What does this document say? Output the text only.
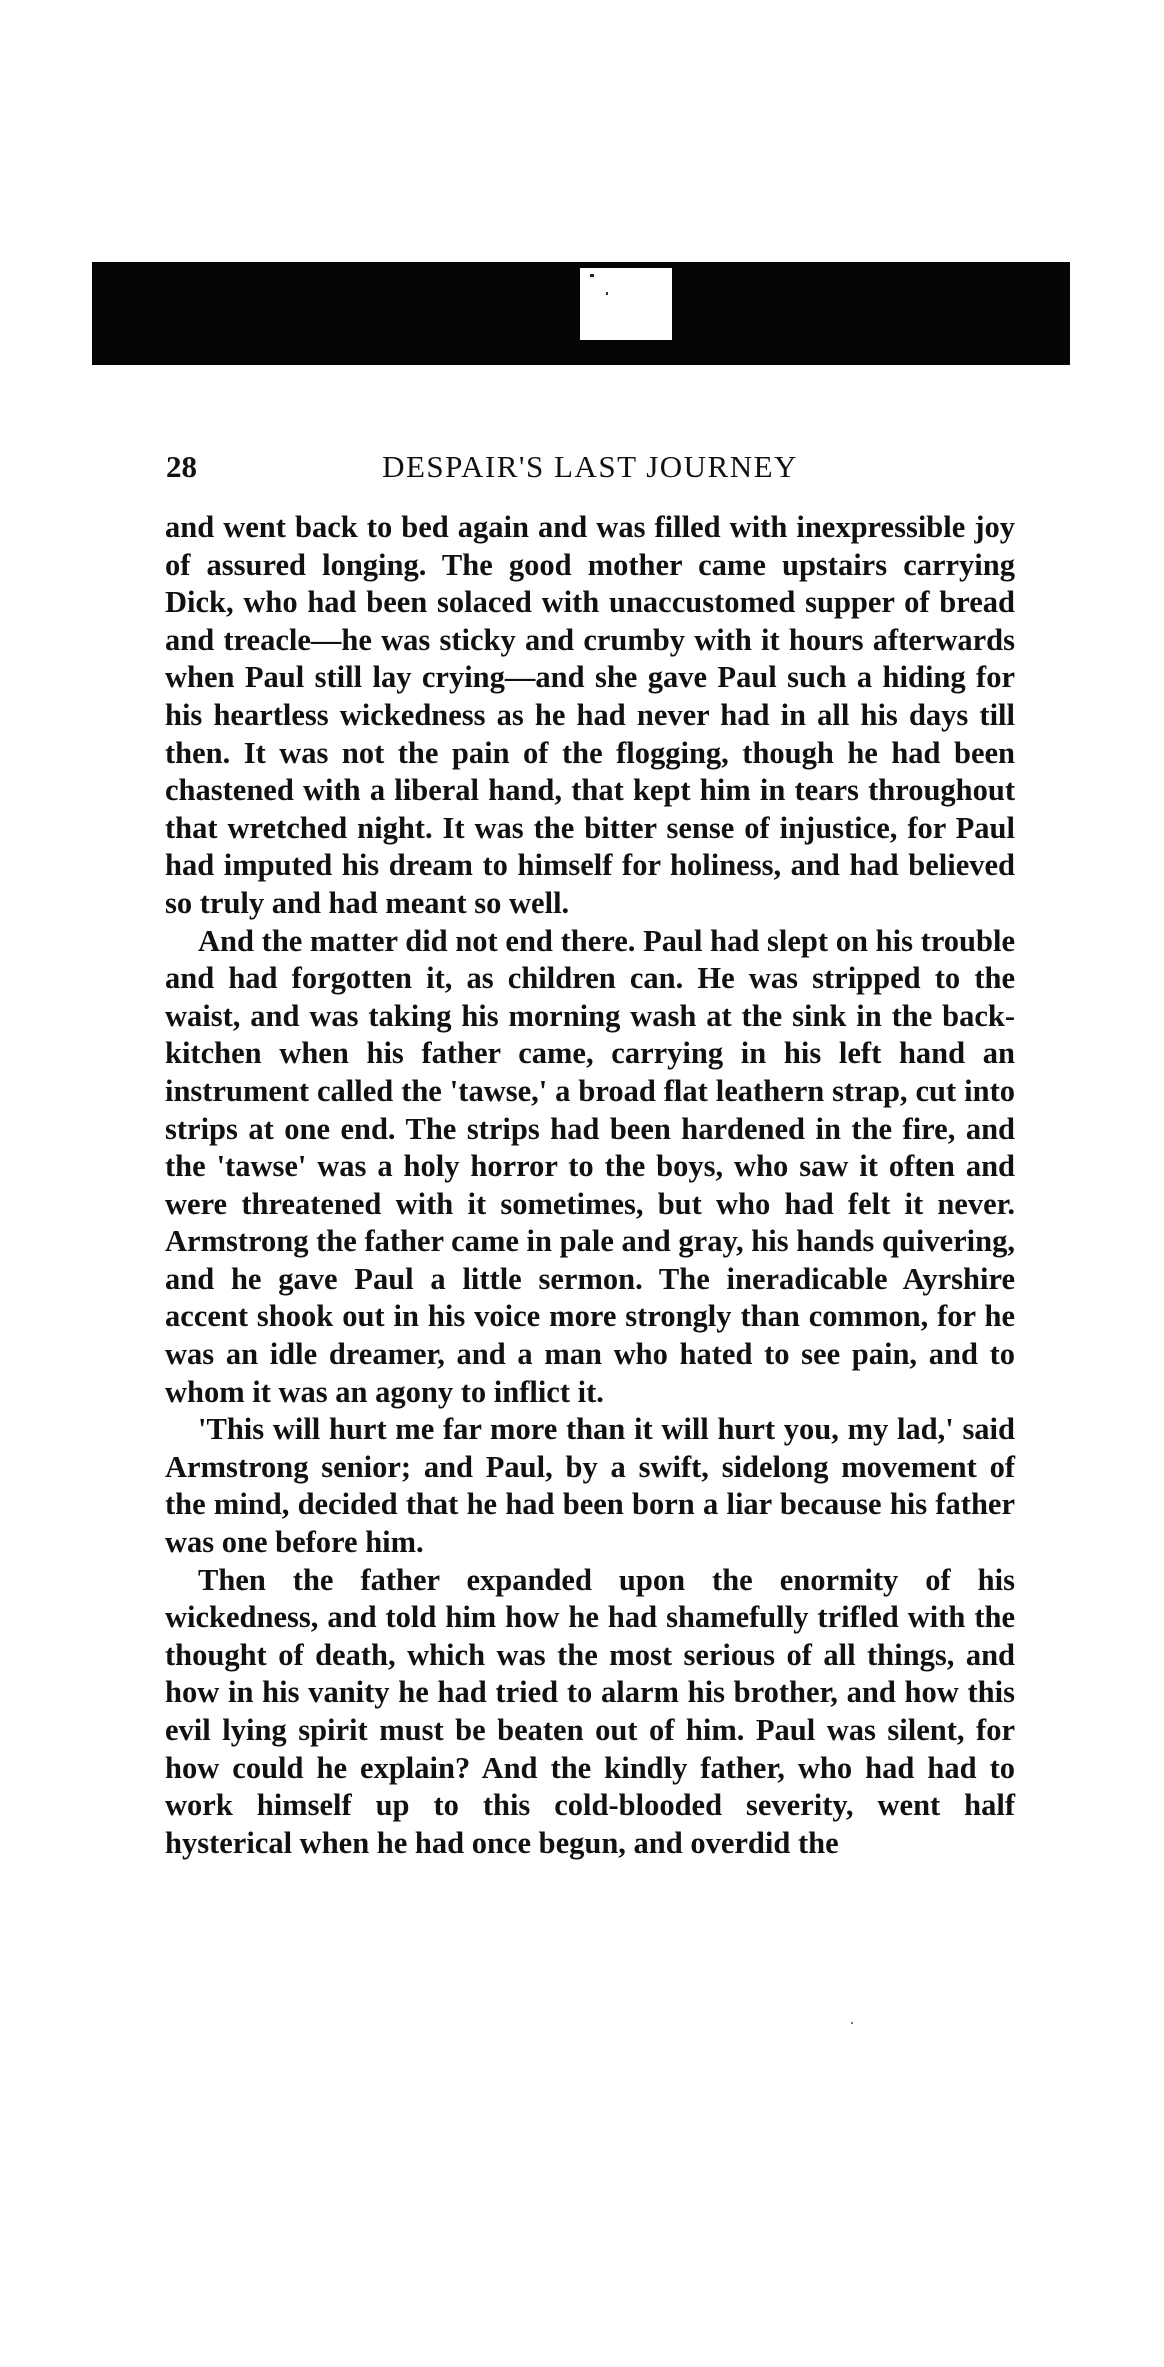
28	DESPAIR'S LAST JOURNEY

and went back to bed again and was filled with inexpressible joy of assured longing. The good mother came upstairs carrying Dick, who had been solaced with unaccustomed supper of bread and treacle—he was sticky and crumby with it hours afterwards when Paul still lay crying—and she gave Paul such a hiding for his heartless wickedness as he had never had in all his days till then. It was not the pain of the flogging, though he had been chastened with a liberal hand, that kept him in tears throughout that wretched night. It was the bitter sense of injustice, for Paul had imputed his dream to himself for holiness, and had believed so truly and had meant so well.

And the matter did not end there. Paul had slept on his trouble and had forgotten it, as children can. He was stripped to the waist, and was taking his morning wash at the sink in the back-kitchen when his father came, carrying in his left hand an instrument called the 'tawse,' a broad flat leathern strap, cut into strips at one end. The strips had been hardened in the fire, and the 'tawse' was a holy horror to the boys, who saw it often and were threatened with it sometimes, but who had felt it never. Armstrong the father came in pale and gray, his hands quivering, and he gave Paul a little sermon. The ineradicable Ayrshire accent shook out in his voice more strongly than common, for he was an idle dreamer, and a man who hated to see pain, and to whom it was an agony to inflict it.

'This will hurt me far more than it will hurt you, my lad,' said Armstrong senior; and Paul, by a swift, sidelong movement of the mind, decided that he had been born a liar because his father was one before him.

Then the father expanded upon the enormity of his wickedness, and told him how he had shamefully trifled with the thought of death, which was the most serious of all things, and how in his vanity he had tried to alarm his brother, and how this evil lying spirit must be beaten out of him. Paul was silent, for how could he explain? And the kindly father, who had had to work himself up to this cold-blooded severity, went half hysterical when he had once begun, and overdid the
